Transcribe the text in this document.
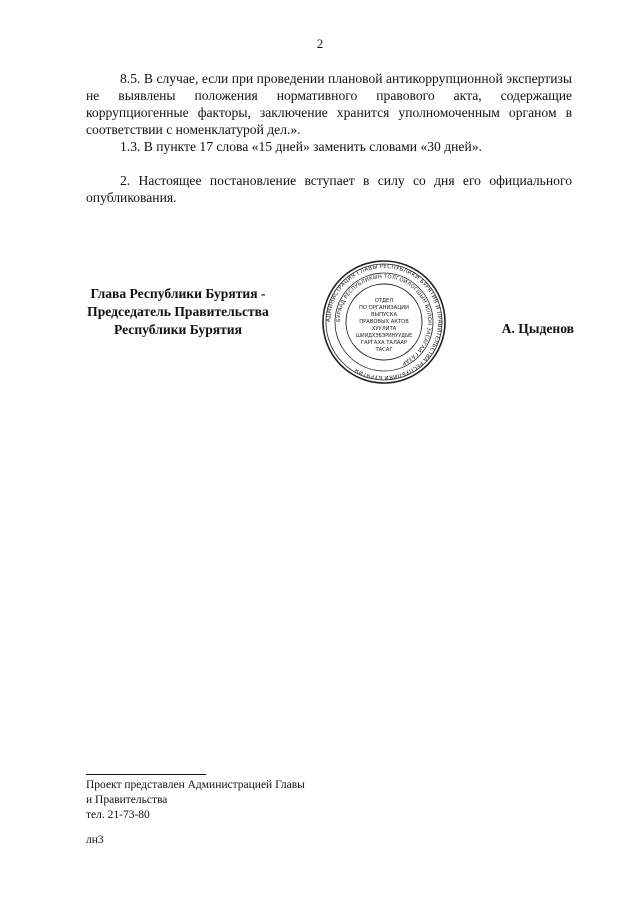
2

8.5. В случае, если при проведении плановой антикоррупционной экспертизы не выявлены положения нормативного правового акта, содержащие коррупциогенные факторы, заключение хранится уполномоченным органом в соответствии с номенклатурой дел.».

1.3. В пункте 17 слова «15 дней» заменить словами «30 дней».

2. Настоящее постановление вступает в силу со дня его официального опубликования.

Глава Республики Бурятия -
Председатель Правительства
Республики Бурятия
АДМИНИСТРАЦИЯ ГЛАВЫ РЕСПУБЛИКИ БУРЯТИЯ И ПРАВИТЕЛЬСТВА РЕСПУБЛИКИ БУРЯТИЯ
БУРЯАД РЕСПУБЛИКЫН ТОЛГОЙЛОГШЫН БОЛОН ЗАСАГАЙ ГАЗАР
ОТДЕЛ
ПО ОРГАНИЗАЦИИ
ВЫПУСКА
ПРАВОВЫХ АКТОВ
ХУУЛИТА
ШИИДХЭБЭРИНУУДЫЕ
ГАРГАХА ТАЛААР
ТАСАГ
А. Цыденов
Проект представлен Администрацией Главы
и Правительства
тел. 21-73-80
лн3
